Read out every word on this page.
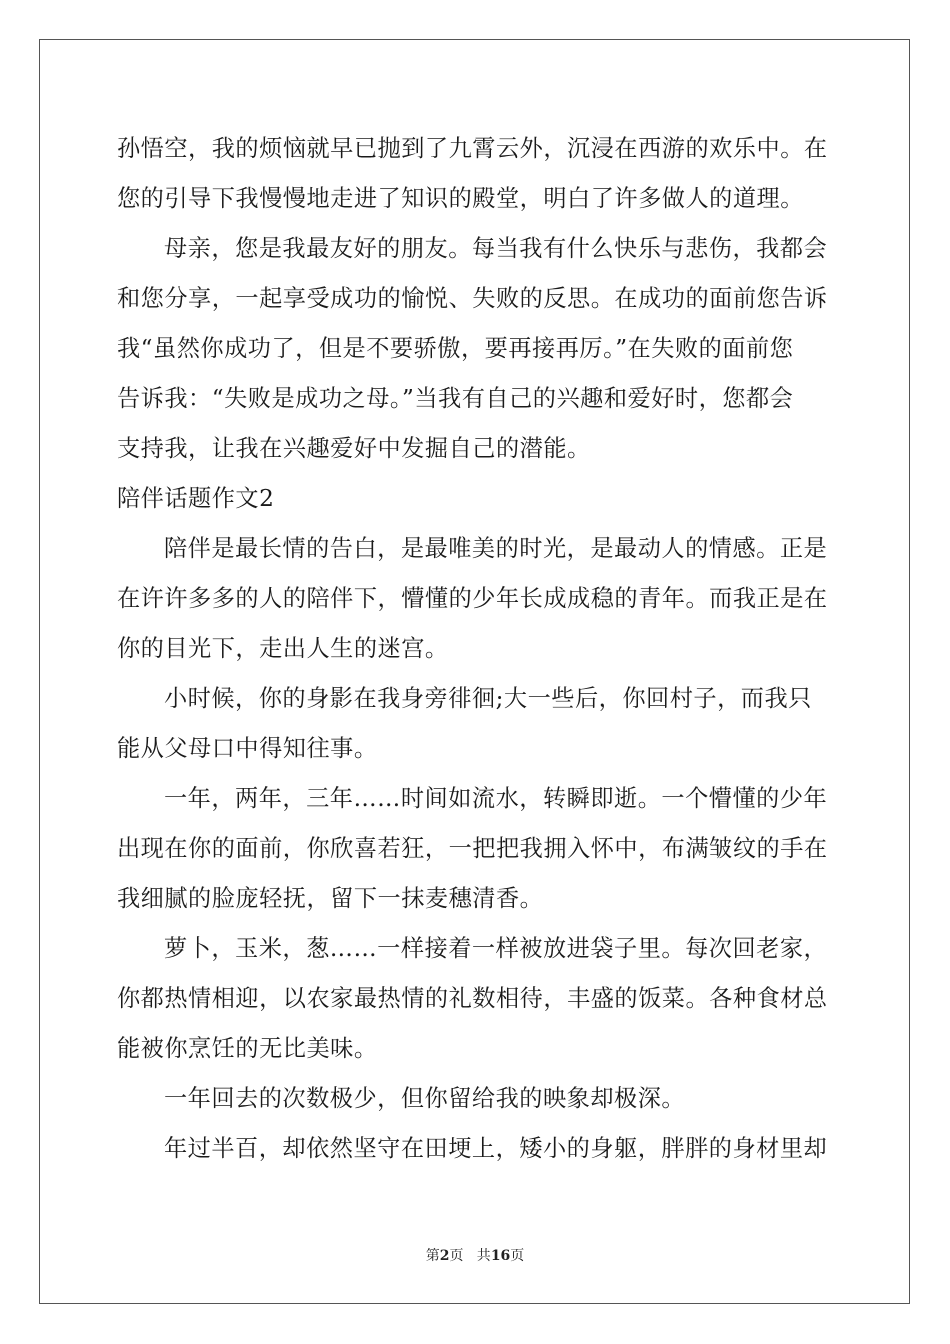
孙悟空，我的烦恼就早已抛到了九霄云外，沉浸在西游的欢乐中。在
您的引导下我慢慢地走进了知识的殿堂，明白了许多做人的道理。
母亲，您是我最友好的朋友。每当我有什么快乐与悲伤，我都会
和您分享，一起享受成功的愉悦、失败的反思。在成功的面前您告诉
我“虽然你成功了，但是不要骄傲，要再接再厉。”在失败的面前您
告诉我：“失败是成功之母。”当我有自己的兴趣和爱好时，您都会
支持我，让我在兴趣爱好中发掘自己的潜能。
陪伴话题作文2
陪伴是最长情的告白，是最唯美的时光，是最动人的情感。正是
在许许多多的人的陪伴下，懵懂的少年长成成稳的青年。而我正是在
你的目光下，走出人生的迷宫。
小时候，你的身影在我身旁徘徊;大一些后，你回村子，而我只
能从父母口中得知往事。
一年，两年，三年……时间如流水，转瞬即逝。一个懵懂的少年
出现在你的面前，你欣喜若狂，一把把我拥入怀中，布满皱纹的手在
我细腻的脸庞轻抚，留下一抹麦穗清香。
萝卜，玉米，葱……一样接着一样被放进袋子里。每次回老家，
你都热情相迎，以农家最热情的礼数相待，丰盛的饭菜。各种食材总
能被你烹饪的无比美味。
一年回去的次数极少，但你留给我的映象却极深。
年过半百，却依然坚守在田埂上，矮小的身躯，胖胖的身材里却
第2页   共16页
